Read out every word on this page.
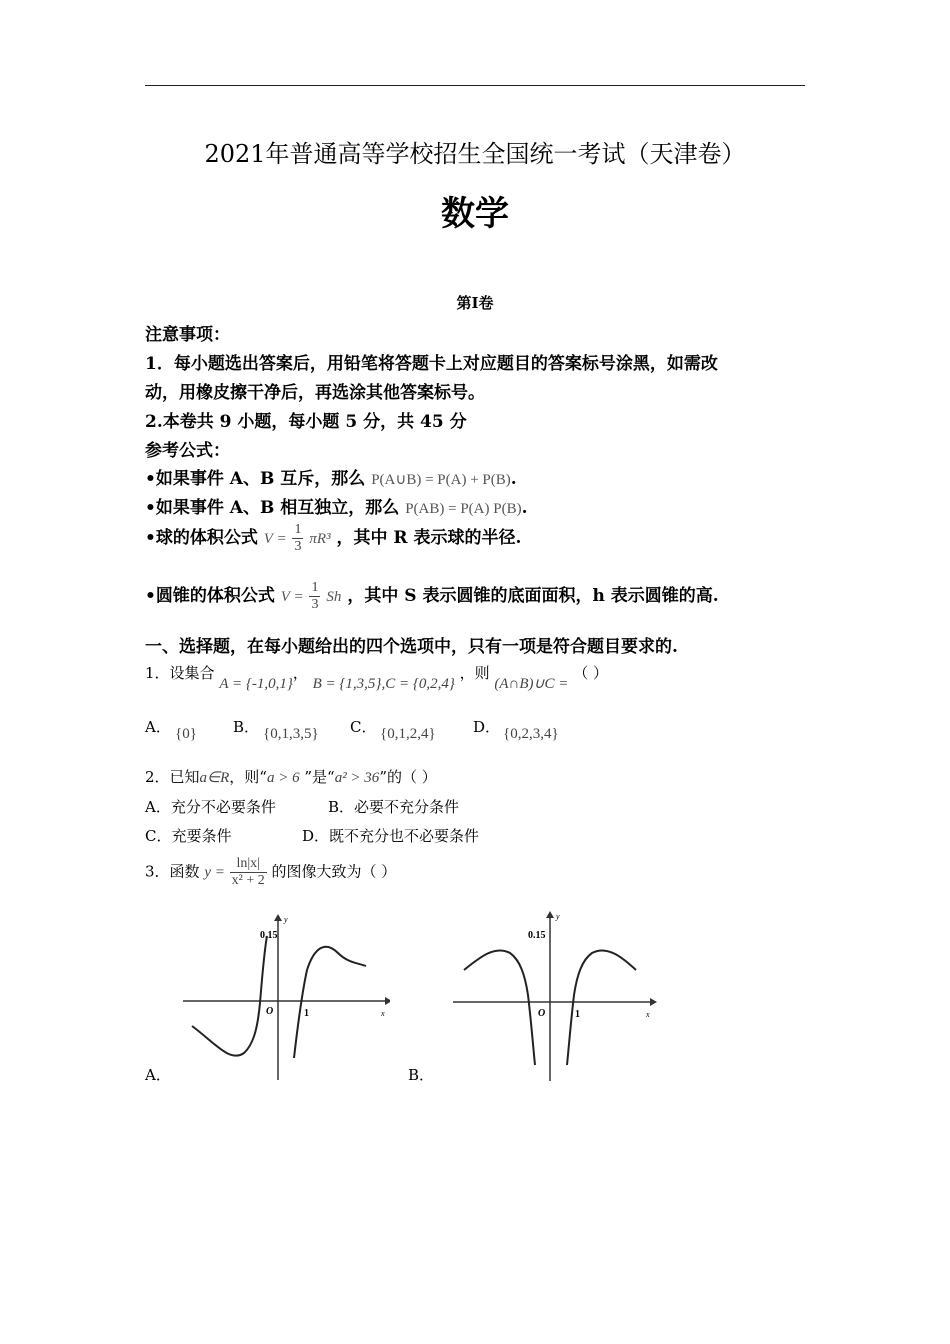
2021年普通高等学校招生全国统一考试（天津卷）
数学
第Ⅰ卷
注意事项：
1．每小题选出答案后，用铅笔将答题卡上对应题目的答案标号涂黑，如需改
动，用橡皮擦干净后，再选涂其他答案标号。
2.本卷共 9 小题，每小题 5 分，共 45 分
参考公式：
•如果事件 A、B 互斥，那么 P(A∪B) = P(A) + P(B).
•如果事件 A、B 相互独立，那么 P(AB) = P(A) P(B).
•球的体积公式 $V = \frac{1}{3} \pi R^3$ ，其中 R 表示球的半径.
•圆锥的体积公式 $V = \frac{1}{3}$ Sh ，其中 S 表示圆锥的底面面积，h 表示圆锥的高.
一、选择题，在每小题给出的四个选项中，只有一项是符合题目要求的.
1．设集合 A = {-1,0,1}， B = {1,3,5},C = {0,2,4} ，则 (A∩B)∪C = （ ）
A． {0} B． {0,1,3,5} C． {0,1,2,4} D． {0,2,3,4}
2．已知a∈R，则“a > 6 ”是“a² > 36”的（ ）
A．充分不必要条件	B．必要不充分条件
C．充要条件	D．既不充分也不必要条件
3．函数 $y = \frac{\ln|x|}{\text{x² + 2}}$ 的图像大致为（ ）
A．
0.15
O	1	x
y
B．
0.15
O	1	x
y
